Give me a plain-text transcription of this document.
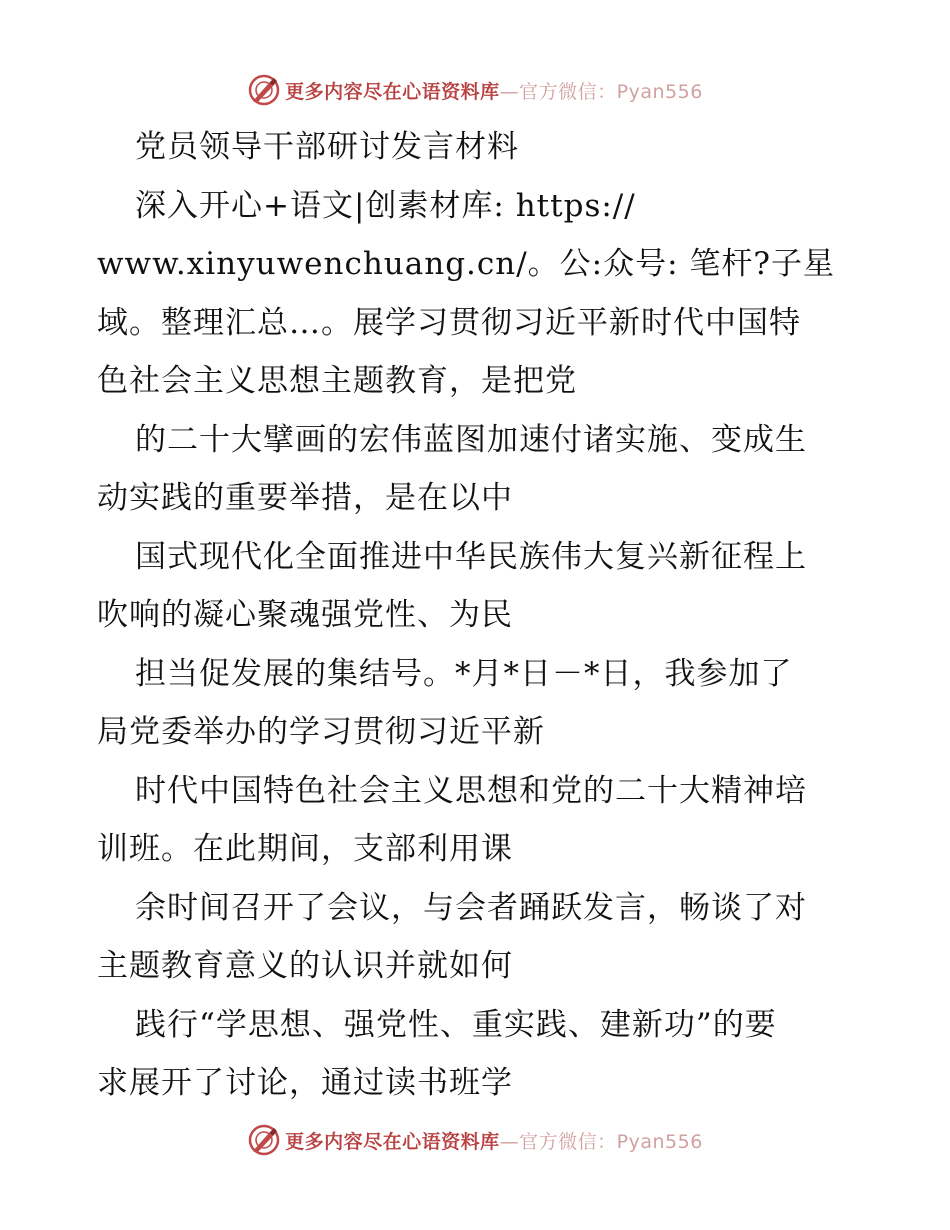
更多内容尽在心语资料库—官方微信：Pyan556
党员领导干部研讨发言材料
深入开心+语文|创素材库: https://
www.xinyuwenchuang.cn/。公:众号: 笔杆?子星
域。整理汇总…。展学习贯彻习近平新时代中国特
色社会主义思想主题教育，是把党
的二十大擘画的宏伟蓝图加速付诸实施、变成生
动实践的重要举措，是在以中
国式现代化全面推进中华民族伟大复兴新征程上
吹响的凝心聚魂强党性、为民
担当促发展的集结号。*月*日－*日，我参加了
局党委举办的学习贯彻习近平新
时代中国特色社会主义思想和党的二十大精神培
训班。在此期间，支部利用课
余时间召开了会议，与会者踊跃发言，畅谈了对
主题教育意义的认识并就如何
践行“学思想、强党性、重实践、建新功”的要
求展开了讨论，通过读书班学
更多内容尽在心语资料库—官方微信：Pyan556
